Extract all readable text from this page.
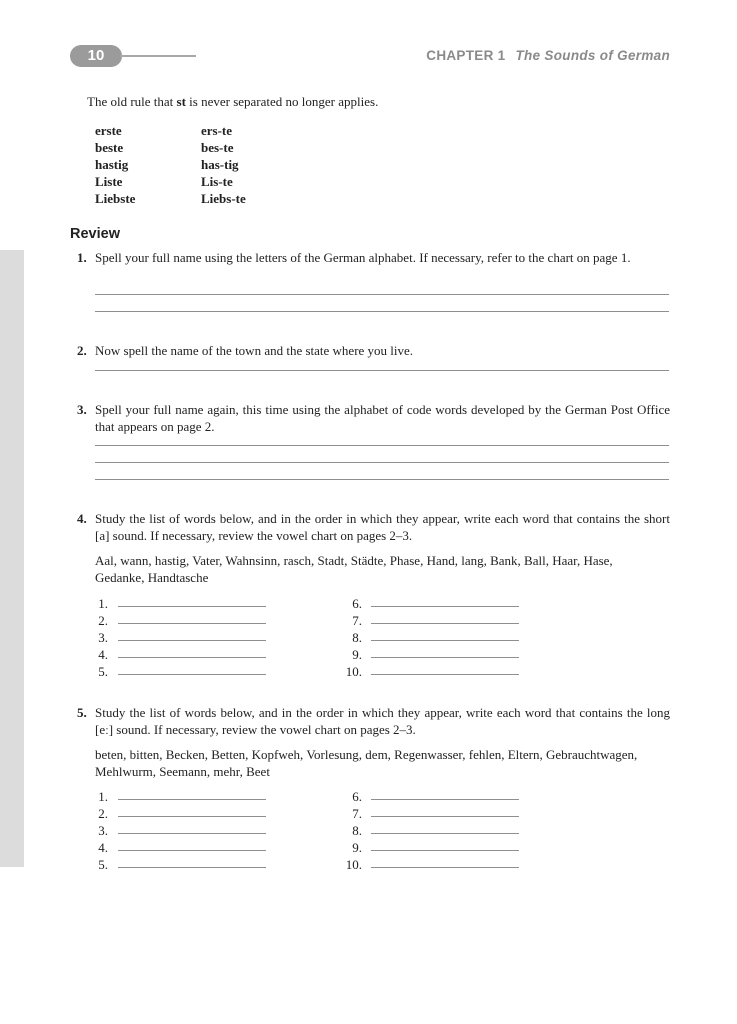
10	CHAPTER 1 The Sounds of German
The old rule that st is never separated no longer applies.
erste	ers-te
beste	bes-te
hastig	has-tig
Liste	Lis-te
Liebste	Liebs-te
Review
1. Spell your full name using the letters of the German alphabet. If necessary, refer to the chart on page 1.
2. Now spell the name of the town and the state where you live.
3. Spell your full name again, this time using the alphabet of code words developed by the German Post Office that appears on page 2.
4. Study the list of words below, and in the order in which they appear, write each word that contains the short [a] sound. If necessary, review the vowel chart on pages 2–3.
Aal, wann, hastig, Vater, Wahnsinn, rasch, Stadt, Städte, Phase, Hand, lang, Bank, Ball, Haar, Hase, Gedanke, Handtasche
1.
2.
3.
4.
5.
6.
7.
8.
9.
10.
5. Study the list of words below, and in the order in which they appear, write each word that contains the long [eː] sound. If necessary, review the vowel chart on pages 2–3.
beten, bitten, Becken, Betten, Kopfweh, Vorlesung, dem, Regenwasser, fehlen, Eltern, Gebrauchtwagen, Mehlwurm, Seemann, mehr, Beet
1.
2.
3.
4.
5.
6.
7.
8.
9.
10.
